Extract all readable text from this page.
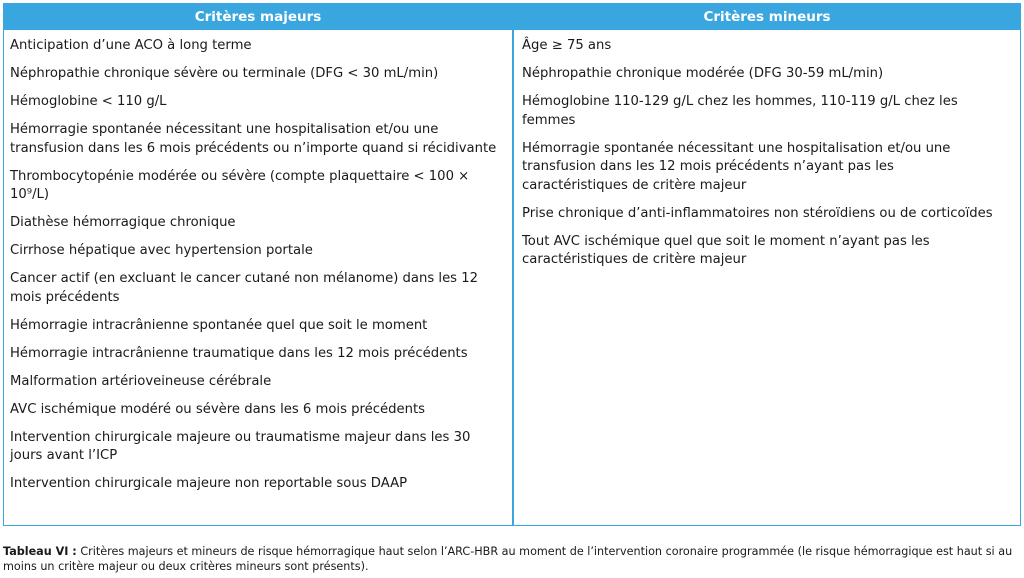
Critères majeurs	Critères mineurs
Anticipation d’une ACO à long terme
Néphropathie chronique sévère ou terminale (DFG < 30 mL/min)
Hémoglobine < 110 g/L
Hémorragie spontanée nécessitant une hospitalisation et/ou une transfusion dans les 6 mois précédents ou n’importe quand si récidivante
Thrombocytopénie modérée ou sévère (compte plaquettaire < 100 × 10⁹/L)
Diathèse hémorragique chronique
Cirrhose hépatique avec hypertension portale
Cancer actif (en excluant le cancer cutané non mélanome) dans les 12 mois précédents
Hémorragie intracrânienne spontanée quel que soit le moment
Hémorragie intracrânienne traumatique dans les 12 mois précédents
Malformation artérioveineuse cérébrale
AVC ischémique modéré ou sévère dans les 6 mois précédents
Intervention chirurgicale majeure ou traumatisme majeur dans les 30 jours avant l’ICP
Intervention chirurgicale majeure non reportable sous DAAP
Âge ≥ 75 ans
Néphropathie chronique modérée (DFG 30-59 mL/min)
Hémoglobine 110-129 g/L chez les hommes, 110-119 g/L chez les femmes
Hémorragie spontanée nécessitant une hospitalisation et/ou une transfusion dans les 12 mois précédents n’ayant pas les caractéristiques de critère majeur
Prise chronique d’anti-inflammatoires non stéroïdiens ou de corticoïdes
Tout AVC ischémique quel que soit le moment n’ayant pas les caractéristiques de critère majeur
Tableau VI : Critères majeurs et mineurs de risque hémorragique haut selon l’ARC-HBR au moment de l’intervention coronaire programmée (le risque hémorragique est haut si au moins un critère majeur ou deux critères mineurs sont présents).
